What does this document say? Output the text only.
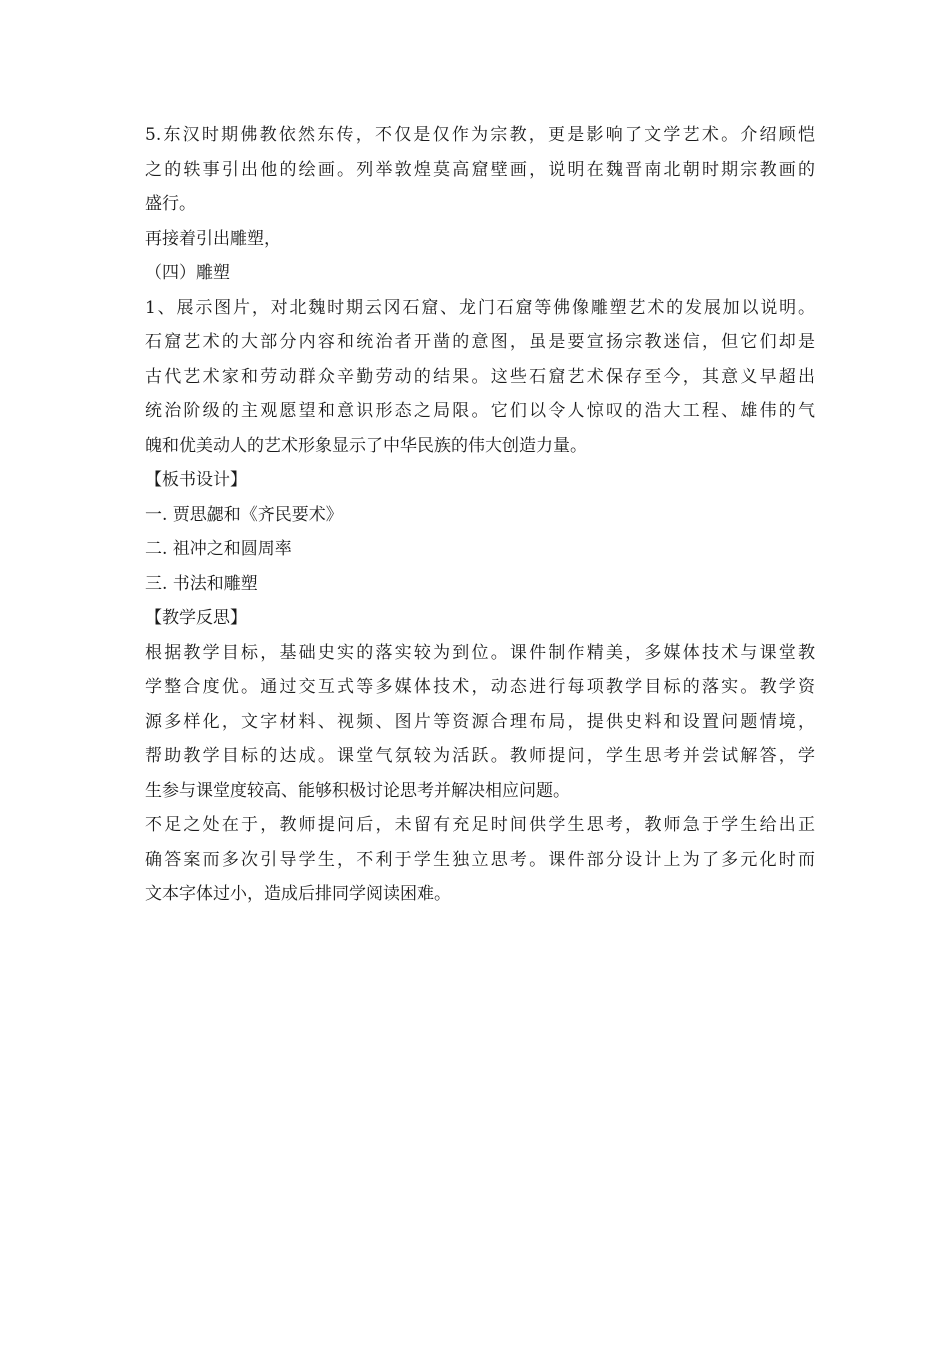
5.东汉时期佛教依然东传，不仅是仅作为宗教，更是影响了文学艺术。介绍顾恺
之的轶事引出他的绘画。列举敦煌莫高窟壁画，说明在魏晋南北朝时期宗教画的
盛行。
再接着引出雕塑，
（四）雕塑
1、展示图片，对北魏时期云冈石窟、龙门石窟等佛像雕塑艺术的发展加以说明。
石窟艺术的大部分内容和统治者开凿的意图，虽是要宣扬宗教迷信，但它们却是
古代艺术家和劳动群众辛勤劳动的结果。这些石窟艺术保存至今，其意义早超出
统治阶级的主观愿望和意识形态之局限。它们以令人惊叹的浩大工程、雄伟的气
魄和优美动人的艺术形象显示了中华民族的伟大创造力量。
【板书设计】
一. 贾思勰和《齐民要术》
二. 祖冲之和圆周率
三. 书法和雕塑
【教学反思】
根据教学目标，基础史实的落实较为到位。课件制作精美，多媒体技术与课堂教
学整合度优。通过交互式等多媒体技术，动态进行每项教学目标的落实。教学资
源多样化，文字材料、视频、图片等资源合理布局，提供史料和设置问题情境，
帮助教学目标的达成。课堂气氛较为活跃。教师提问，学生思考并尝试解答，学
生参与课堂度较高、能够积极讨论思考并解决相应问题。
不足之处在于，教师提问后，未留有充足时间供学生思考，教师急于学生给出正
确答案而多次引导学生，不利于学生独立思考。课件部分设计上为了多元化时而
文本字体过小，造成后排同学阅读困难。
